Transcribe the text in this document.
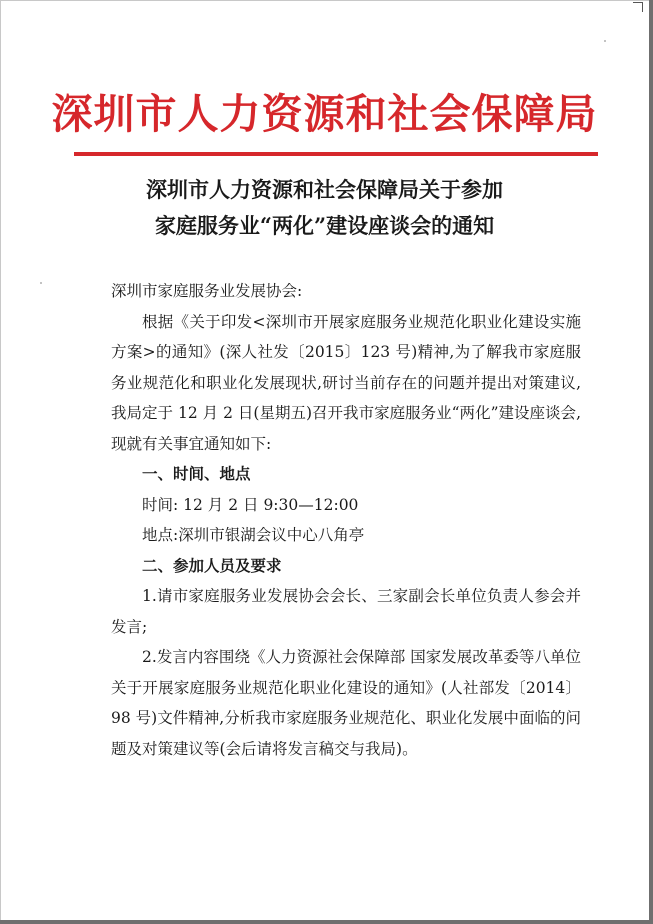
深圳市人力资源和社会保障局
深圳市人力资源和社会保障局关于参加
家庭服务业“两化”建设座谈会的通知

深圳市家庭服务业发展协会:

根据《关于印发<深圳市开展家庭服务业规范化职业化建设实施方案>的通知》(深人社发〔2015〕123 号)精神,为了解我市家庭服务业规范化和职业化发展现状,研讨当前存在的问题并提出对策建议,我局定于 12 月 2 日(星期五)召开我市家庭服务业“两化”建设座谈会,现就有关事宜通知如下:

一、时间、地点

时间: 12 月 2 日 9:30—12:00

地点:深圳市银湖会议中心八角亭

二、参加人员及要求

1.请市家庭服务业发展协会会长、三家副会长单位负责人参会并发言;

2.发言内容围绕《人力资源社会保障部 国家发展改革委等八单位关于开展家庭服务业规范化职业化建设的通知》(人社部发〔2014〕98 号)文件精神,分析我市家庭服务业规范化、职业化发展中面临的问题及对策建议等(会后请将发言稿交与我局)。
